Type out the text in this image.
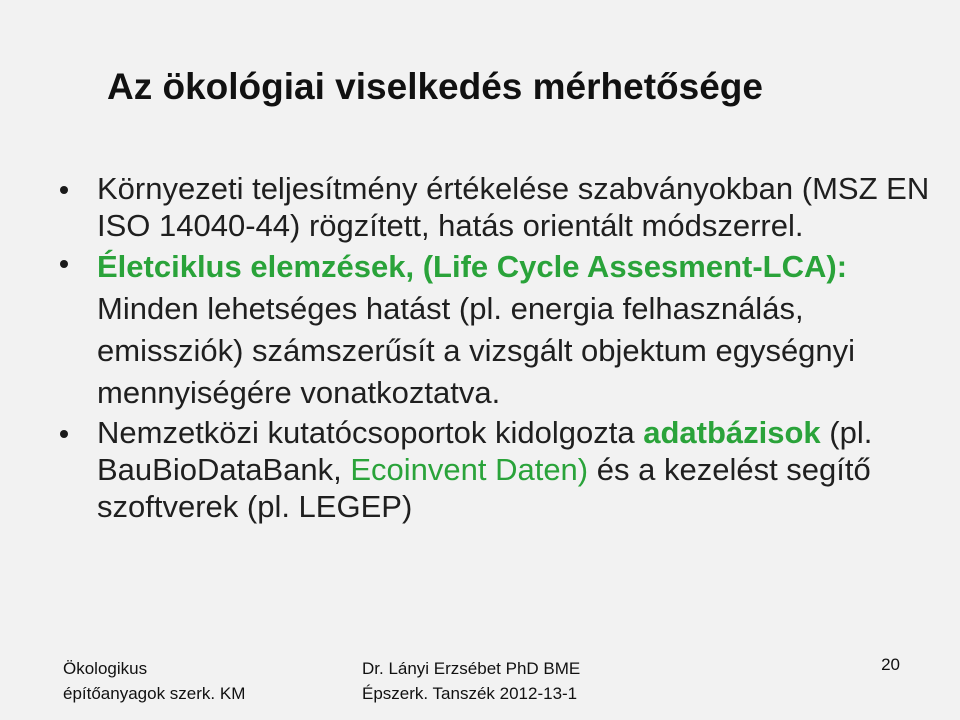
Az ökológiai viselkedés mérhetősége
Környezeti teljesítmény értékelése szabványokban (MSZ EN ISO 14040-44) rögzített, hatás orientált módszerrel.
Életciklus elemzések, (Life Cycle Assesment-LCA): Minden lehetséges hatást (pl. energia felhasználás, emissziók) számszerűsít a vizsgált objektum egységnyi mennyiségére vonatkoztatva.
Nemzetközi kutatócsoportok kidolgozta adatbázisok (pl. BauBioDataBank, Ecoinvent Daten) és a kezelést segítő szoftverek (pl. LEGEP)
Ökologikus
építőanyagok szerk. KM
Dr. Lányi Erzsébet PhD BME
Épszerk. Tanszék 2012-13-1
20
